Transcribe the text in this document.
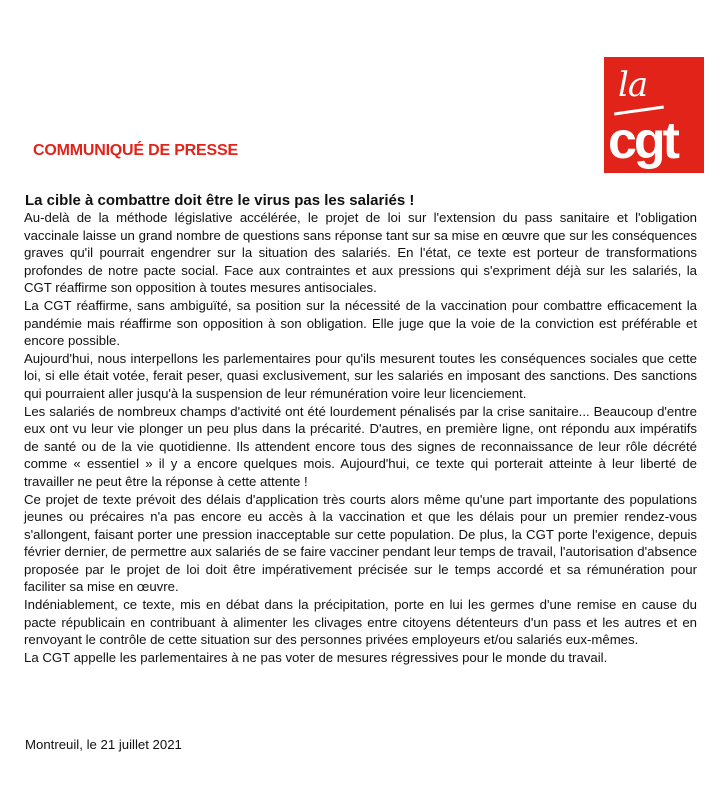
la
cgt
COMMUNIQUÉ DE PRESSE
La cible à combattre doit être le virus pas les salariés !

Au-delà de la méthode législative accélérée, le projet de loi sur l'extension du pass sanitaire et l'obligation vaccinale laisse un grand nombre de questions sans réponse tant sur sa mise en œuvre que sur les conséquences graves qu'il pourrait engendrer sur la situation des salariés. En l'état, ce texte est porteur de transformations profondes de notre pacte social. Face aux contraintes et aux pressions qui s'expriment déjà sur les salariés, la CGT réaffirme son opposition à toutes mesures antisociales.

La CGT réaffirme, sans ambiguïté, sa position sur la nécessité de la vaccination pour combattre efficacement la pandémie mais réaffirme son opposition à son obligation. Elle juge que la voie de la conviction est préférable et encore possible.

Aujourd'hui, nous interpellons les parlementaires pour qu'ils mesurent toutes les conséquences sociales que cette loi, si elle était votée, ferait peser, quasi exclusivement, sur les salariés en imposant des sanctions. Des sanctions qui pourraient aller jusqu'à la suspension de leur rémunération voire leur licenciement.

Les salariés de nombreux champs d'activité ont été lourdement pénalisés par la crise sanitaire... Beaucoup d'entre eux ont vu leur vie plonger un peu plus dans la précarité. D'autres, en première ligne, ont répondu aux impératifs de santé ou de la vie quotidienne. Ils attendent encore tous des signes de reconnaissance de leur rôle décrété comme « essentiel » il y a encore quelques mois. Aujourd'hui, ce texte qui porterait atteinte à leur liberté de travailler ne peut être la réponse à cette attente !

Ce projet de texte prévoit des délais d'application très courts alors même qu'une part importante des populations jeunes ou précaires n'a pas encore eu accès à la vaccination et que les délais pour un premier rendez-vous s'allongent, faisant porter une pression inacceptable sur cette population. De plus, la CGT porte l'exigence, depuis février dernier, de permettre aux salariés de se faire vacciner pendant leur temps de travail, l'autorisation d'absence proposée par le projet de loi doit être impérativement précisée sur le temps accordé et sa rémunération pour faciliter sa mise en œuvre.

Indéniablement, ce texte, mis en débat dans la précipitation, porte en lui les germes d'une remise en cause du pacte républicain en contribuant à alimenter les clivages entre citoyens détenteurs d'un pass et les autres et en renvoyant le contrôle de cette situation sur des personnes privées employeurs et/ou salariés eux-mêmes.

La CGT appelle les parlementaires à ne pas voter de mesures régressives pour le monde du travail.

Montreuil, le 21 juillet 2021
